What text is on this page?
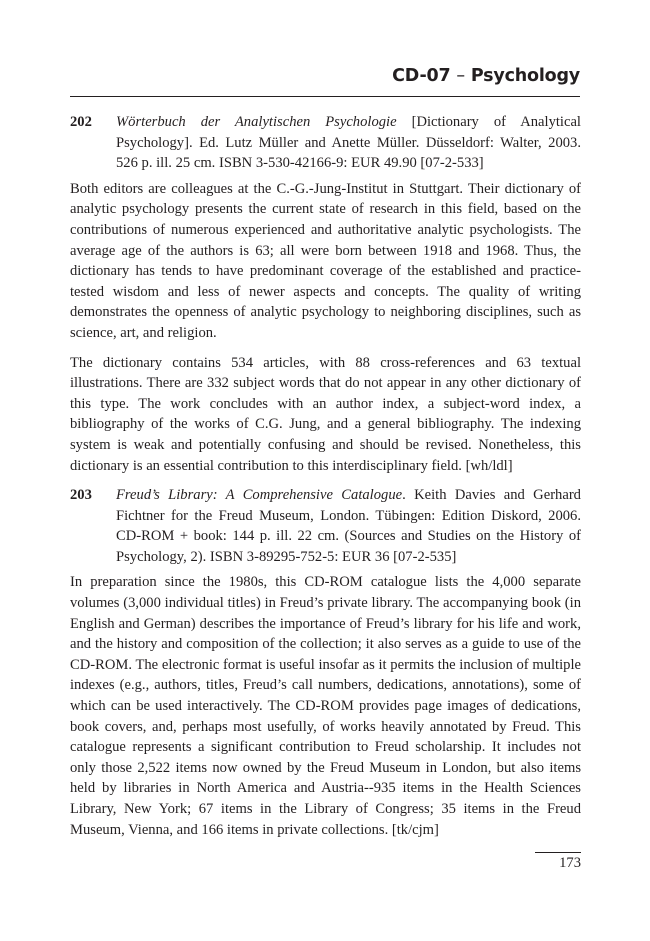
CD-07 – Psychology
202	Wörterbuch der Analytischen Psychologie [Dictionary of Analytical Psychology]. Ed. Lutz Müller and Anette Müller. Düsseldorf: Walter, 2003. 526 p. ill. 25 cm. ISBN 3-530-42166-9: EUR 49.90 [07-2-533]

Both editors are colleagues at the C.-G.-Jung-Institut in Stuttgart. Their dictionary of analytic psychology presents the current state of research in this field, based on the contributions of numerous experienced and authoritative analytic psychologists. The average age of the authors is 63; all were born between 1918 and 1968. Thus, the dictionary has tends to have predominant coverage of the established and practice-tested wisdom and less of newer aspects and concepts. The quality of writing demonstrates the openness of analytic psychology to neighboring disciplines, such as science, art, and religion.

The dictionary contains 534 articles, with 88 cross-references and 63 textual illustrations. There are 332 subject words that do not appear in any other dictionary of this type. The work concludes with an author index, a subject-word index, a bibliography of the works of C.G. Jung, and a general bibliography. The indexing system is weak and potentially confusing and should be revised. Nonetheless, this dictionary is an essential contribution to this interdisciplinary field. [wh/ldl]

203	Freud’s Library: A Comprehensive Catalogue. Keith Davies and Gerhard Fichtner for the Freud Museum, London. Tübingen: Edition Diskord, 2006. CD-ROM + book: 144 p. ill. 22 cm. (Sources and Studies on the History of Psychology, 2). ISBN 3-89295-752-5: EUR 36 [07-2-535]

In preparation since the 1980s, this CD-ROM catalogue lists the 4,000 separate volumes (3,000 individual titles) in Freud’s private library. The accompanying book (in English and German) describes the importance of Freud’s library for his life and work, and the history and composition of the collection; it also serves as a guide to use of the CD-ROM. The electronic format is useful insofar as it permits the inclusion of multiple indexes (e.g., authors, titles, Freud’s call numbers, dedications, annotations), some of which can be used interactively. The CD-ROM provides page images of dedications, book covers, and, perhaps most usefully, of works heavily annotated by Freud. This catalogue represents a significant contribution to Freud scholarship. It includes not only those 2,522 items now owned by the Freud Museum in London, but also items held by libraries in North America and Austria--935 items in the Health Sciences Library, New York; 67 items in the Library of Congress; 35 items in the Freud Museum, Vienna, and 166 items in private collections. [tk/cjm]

173
